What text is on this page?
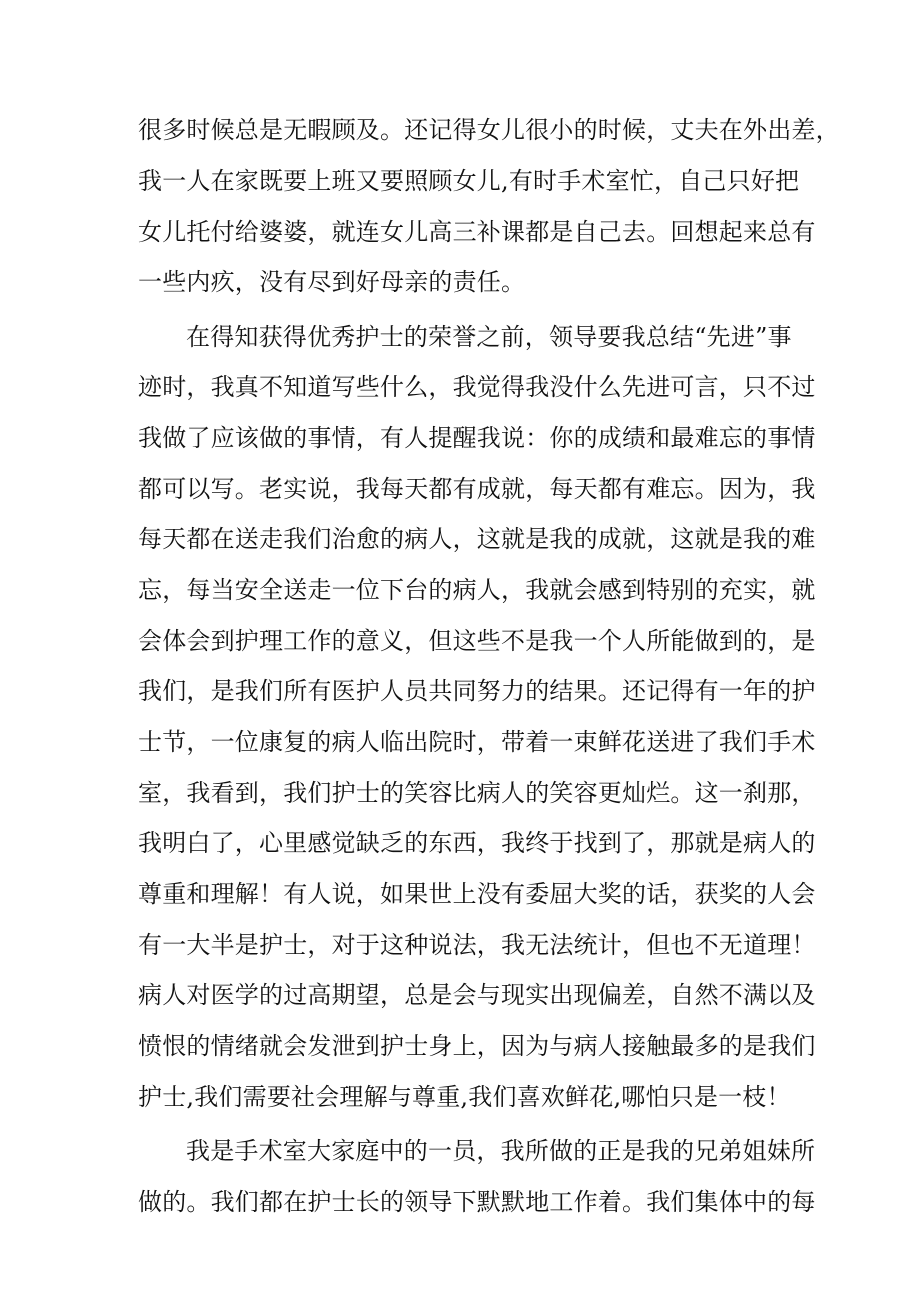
很多时候总是无暇顾及。还记得女儿很小的时候，丈夫在外出差，
我一人在家既要上班又要照顾女儿,有时手术室忙，自己只好把
女儿托付给婆婆，就连女儿高三补课都是自己去。回想起来总有
一些内疚，没有尽到好母亲的责任。
在得知获得优秀护士的荣誉之前，领导要我总结“先进”事
迹时，我真不知道写些什么，我觉得我没什么先进可言，只不过
我做了应该做的事情，有人提醒我说：你的成绩和最难忘的事情
都可以写。老实说，我每天都有成就，每天都有难忘。因为，我
每天都在送走我们治愈的病人，这就是我的成就，这就是我的难
忘，每当安全送走一位下台的病人，我就会感到特别的充实，就
会体会到护理工作的意义，但这些不是我一个人所能做到的，是
我们，是我们所有医护人员共同努力的结果。还记得有一年的护
士节，一位康复的病人临出院时，带着一束鲜花送进了我们手术
室，我看到，我们护士的笑容比病人的笑容更灿烂。这一刹那，
我明白了，心里感觉缺乏的东西，我终于找到了，那就是病人的
尊重和理解！有人说，如果世上没有委屈大奖的话，获奖的人会
有一大半是护士，对于这种说法，我无法统计，但也不无道理！
病人对医学的过高期望，总是会与现实出现偏差，自然不满以及
愤恨的情绪就会发泄到护士身上，因为与病人接触最多的是我们
护士,我们需要社会理解与尊重,我们喜欢鲜花,哪怕只是一枝！
我是手术室大家庭中的一员，我所做的正是我的兄弟姐妹所
做的。我们都在护士长的领导下默默地工作着。我们集体中的每
